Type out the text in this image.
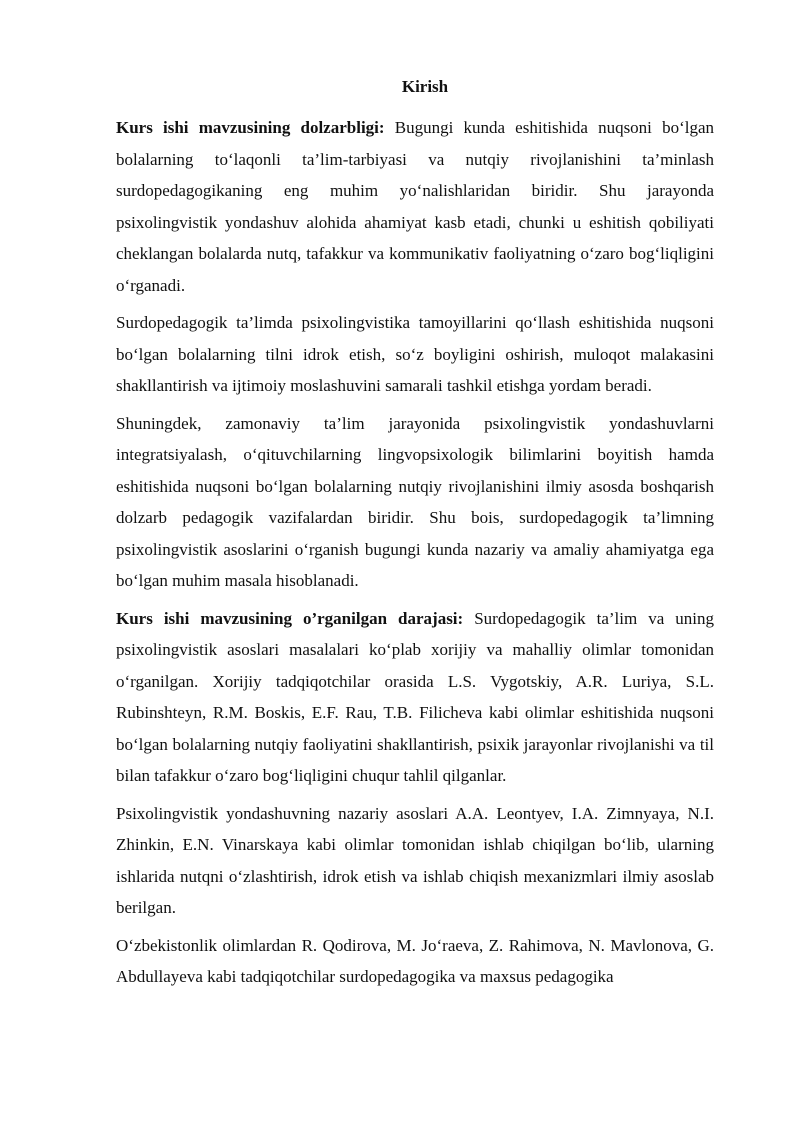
Kirish

Kurs ishi mavzusining dolzarbligi: Bugungi kunda eshitishida nuqsoni bo‘lgan bolalarning to‘laqonli ta’lim-tarbiyasi va nutqiy rivojlanishini ta’minlash surdopedagogikaning eng muhim yo‘nalishlaridan biridir. Shu jarayonda psixolingvistik yondashuv alohida ahamiyat kasb etadi, chunki u eshitish qobiliyati cheklangan bolalarda nutq, tafakkur va kommunikativ faoliyatning o‘zaro bog‘liqligini o‘rganadi.

Surdopedagogik ta’limda psixolingvistika tamoyillarini qo‘llash eshitishida nuqsoni bo‘lgan bolalarning tilni idrok etish, so‘z boyligini oshirish, muloqot malakasini shakllantirish va ijtimoiy moslashuvini samarali tashkil etishga yordam beradi.

Shuningdek, zamonaviy ta’lim jarayonida psixolingvistik yondashuvlarni integratsiyalash, o‘qituvchilarning lingvopsixologik bilimlarini boyitish hamda eshitishida nuqsoni bo‘lgan bolalarning nutqiy rivojlanishini ilmiy asosda boshqarish dolzarb pedagogik vazifalardan biridir. Shu bois, surdopedagogik ta’limning psixolingvistik asoslarini o‘rganish bugungi kunda nazariy va amaliy ahamiyatga ega bo‘lgan muhim masala hisoblanadi.

Kurs ishi mavzusining o’rganilgan darajasi: Surdopedagogik ta’lim va uning psixolingvistik asoslari masalalari ko‘plab xorijiy va mahalliy olimlar tomonidan o‘rganilgan. Xorijiy tadqiqotchilar orasida L.S. Vygotskiy, A.R. Luriya, S.L. Rubinshteyn, R.M. Boskis, E.F. Rau, T.B. Filicheva kabi olimlar eshitishida nuqsoni bo‘lgan bolalarning nutqiy faoliyatini shakllantirish, psixik jarayonlar rivojlanishi va til bilan tafakkur o‘zaro bog‘liqligini chuqur tahlil qilganlar.

Psixolingvistik yondashuvning nazariy asoslari A.A. Leontyev, I.A. Zimnyaya, N.I. Zhinkin, E.N. Vinarskaya kabi olimlar tomonidan ishlab chiqilgan bo‘lib, ularning ishlarida nutqni o‘zlashtirish, idrok etish va ishlab chiqish mexanizmlari ilmiy asoslab berilgan.

O‘zbekistonlik olimlardan R. Qodirova, M. Jo‘raeva, Z. Rahimova, N. Mavlonova, G. Abdullayeva kabi tadqiqotchilar surdopedagogika va maxsus pedagogika
